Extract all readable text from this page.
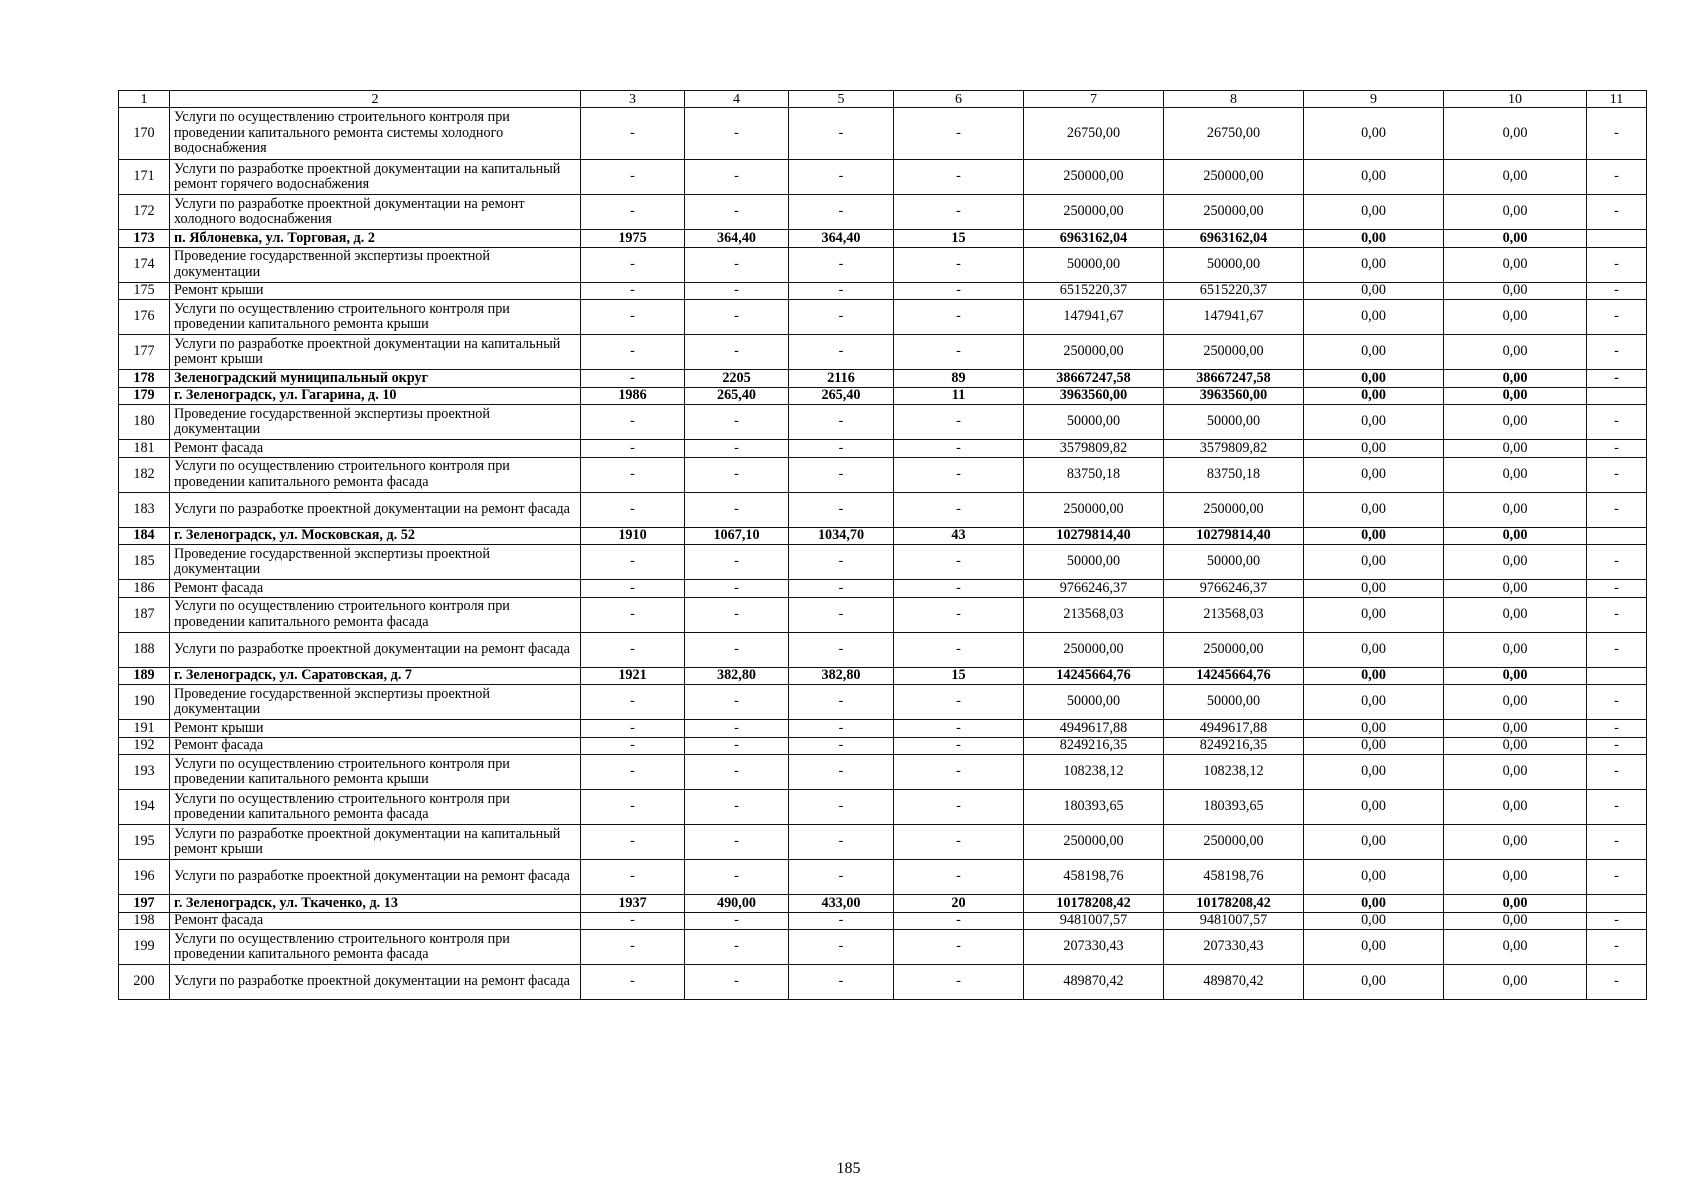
1	2	3	4	5	6	7	8	9	10	11
170	Услуги по осуществлению строительного контроля при проведении капитального ремонта системы холодного водоснабжения	-	-	-	-	26750,00	26750,00	0,00	0,00	-
171	Услуги по разработке проектной документации на капитальный ремонт горячего водоснабжения	-	-	-	-	250000,00	250000,00	0,00	0,00	-
172	Услуги по разработке проектной документации на ремонт холодного водоснабжения	-	-	-	-	250000,00	250000,00	0,00	0,00	-
173	п. Яблоневка, ул. Торговая, д. 2	1975	364,40	364,40	15	6963162,04	6963162,04	0,00	0,00	
174	Проведение государственной экспертизы проектной документации	-	-	-	-	50000,00	50000,00	0,00	0,00	-
175	Ремонт крыши	-	-	-	-	6515220,37	6515220,37	0,00	0,00	-
176	Услуги по осуществлению строительного контроля при проведении капитального ремонта крыши	-	-	-	-	147941,67	147941,67	0,00	0,00	-
177	Услуги по разработке проектной документации на капитальный ремонт крыши	-	-	-	-	250000,00	250000,00	0,00	0,00	-
178	Зеленоградский муниципальный округ	-	2205	2116	89	38667247,58	38667247,58	0,00	0,00	-
179	г. Зеленоградск, ул. Гагарина, д. 10	1986	265,40	265,40	11	3963560,00	3963560,00	0,00	0,00	
180	Проведение государственной экспертизы проектной документации	-	-	-	-	50000,00	50000,00	0,00	0,00	-
181	Ремонт фасада	-	-	-	-	3579809,82	3579809,82	0,00	0,00	-
182	Услуги по осуществлению строительного контроля при проведении капитального ремонта фасада	-	-	-	-	83750,18	83750,18	0,00	0,00	-
183	Услуги по разработке проектной документации на ремонт фасада	-	-	-	-	250000,00	250000,00	0,00	0,00	-
184	г. Зеленоградск, ул. Московская, д. 52	1910	1067,10	1034,70	43	10279814,40	10279814,40	0,00	0,00	
185	Проведение государственной экспертизы проектной документации	-	-	-	-	50000,00	50000,00	0,00	0,00	-
186	Ремонт фасада	-	-	-	-	9766246,37	9766246,37	0,00	0,00	-
187	Услуги по осуществлению строительного контроля при проведении капитального ремонта фасада	-	-	-	-	213568,03	213568,03	0,00	0,00	-
188	Услуги по разработке проектной документации на ремонт фасада	-	-	-	-	250000,00	250000,00	0,00	0,00	-
189	г. Зеленоградск, ул. Саратовская, д. 7	1921	382,80	382,80	15	14245664,76	14245664,76	0,00	0,00	
190	Проведение государственной экспертизы проектной документации	-	-	-	-	50000,00	50000,00	0,00	0,00	-
191	Ремонт крыши	-	-	-	-	4949617,88	4949617,88	0,00	0,00	-
192	Ремонт фасада	-	-	-	-	8249216,35	8249216,35	0,00	0,00	-
193	Услуги по осуществлению строительного контроля при проведении капитального ремонта крыши	-	-	-	-	108238,12	108238,12	0,00	0,00	-
194	Услуги по осуществлению строительного контроля при проведении капитального ремонта фасада	-	-	-	-	180393,65	180393,65	0,00	0,00	-
195	Услуги по разработке проектной документации на капитальный ремонт крыши	-	-	-	-	250000,00	250000,00	0,00	0,00	-
196	Услуги по разработке проектной документации на ремонт фасада	-	-	-	-	458198,76	458198,76	0,00	0,00	-
197	г. Зеленоградск, ул. Ткаченко, д. 13	1937	490,00	433,00	20	10178208,42	10178208,42	0,00	0,00	
198	Ремонт фасада	-	-	-	-	9481007,57	9481007,57	0,00	0,00	-
199	Услуги по осуществлению строительного контроля при проведении капитального ремонта фасада	-	-	-	-	207330,43	207330,43	0,00	0,00	-
200	Услуги по разработке проектной документации на ремонт фасада	-	-	-	-	489870,42	489870,42	0,00	0,00	-
185
